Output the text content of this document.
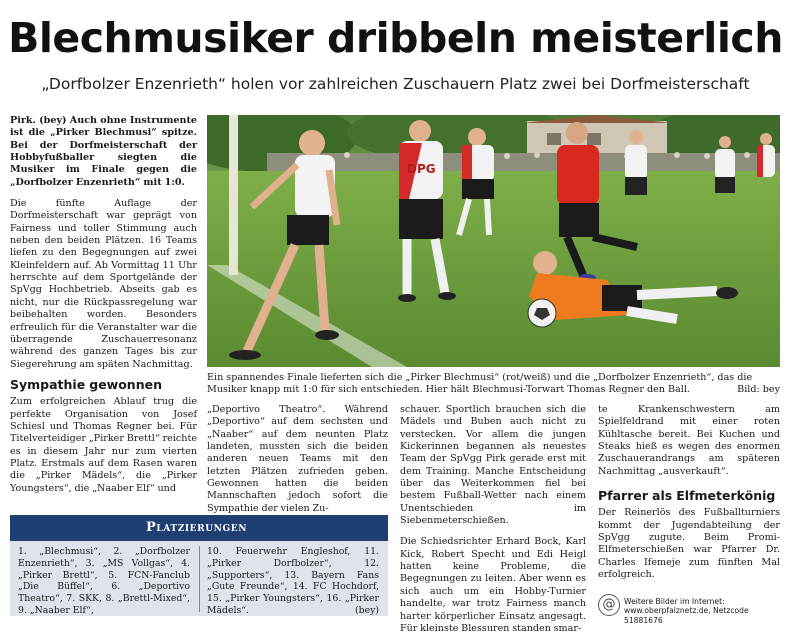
Blechmusiker dribbeln meisterlich
„Dorfbolzer Enzenrieth“ holen vor zahlreichen Zuschauern Platz zwei bei Dorfmeisterschaft

Pirk. (bey) Auch ohne Instrumente ist die „Pirker Blechmusi“ spitze. Bei der Dorfmeisterschaft der Hobbyfußballer siegten die Musiker im Finale gegen die „Dorfbolzer Enzenrieth“ mit 1:0.

Die fünfte Auflage der Dorfmeisterschaft war geprägt von Fairness und toller Stimmung auch neben den beiden Plätzen. 16 Teams liefen zu den Begegnungen auf zwei Kleinfeldern auf. Ab Vormittag 11 Uhr herrschte auf dem Sportgelände der SpVgg Hochbetrieb. Abseits gab es nicht, nur die Rückpassregelung war beibehalten worden. Besonders erfreulich für die Veranstalter war die überragende Zuschauerresonanz während des ganzen Tages bis zur Siegerehrung am späten Nachmittag.

Sympathie gewonnen

Zum erfolgreichen Ablauf trug die perfekte Organisation von Josef Schiesl und Thomas Regner bei. Für Titelverteidiger „Pirker Brettl“ reichte es in diesem Jahr nur zum vierten Platz. Erstmals auf dem Rasen waren die „Pirker Mädels“, die „Pirker Youngsters“, die „Naaber Elf“ und

DPG
Ein spannendes Finale lieferten sich die „Pirker Blechmusi“ (rot/weiß) und die „Dorfbolzer Enzenrieth“, das die Musiker knapp mit 1:0 für sich entschieden. Hier hält Blechmusi-Torwart Thomas Regner den Ball.	Bild: bey

„Deportivo Theatro“. Während „Deportivo“ auf dem sechsten und „Naaber“ auf dem neunten Platz landeten, mussten sich die beiden anderen neuen Teams mit den letzten Plätzen zufrieden geben. Gewonnen hatten die beiden Mannschaften jedoch sofort die Sympathie der vielen Zu-

schauer. Sportlich brauchen sich die Mädels und Buben auch nicht zu verstecken. Vor allem die jungen Kickerinnen begannen als neuestes Team der SpVgg Pirk gerade erst mit dem Training. Manche Entscheidung über das Weiterkommen fiel bei bestem Fußball-Wetter nach einem Unentschieden im Siebenmeterschießen.

Die Schiedsrichter Erhard Bock, Karl Kick, Robert Specht und Edi Heigl hatten keine Probleme, die Begegnungen zu leiten. Aber wenn es sich auch um ein Hobby-Turnier handelte, war trotz Fairness manch harter körperlicher Einsatz angesagt. Für kleinste Blessuren standen smar-

te Krankenschwestern am Spielfeldrand mit einer roten Kühltasche bereit. Bei Kuchen und Steaks hieß es wegen des enormen Zuschauerandrangs am späteren Nachmittag „ausverkauft“.

Pfarrer als Elfmeterkönig

Der Reinerlös des Fußballturniers kommt der Jugendabteilung der SpVgg zugute. Beim Promi-Elfmeterschießen war Pfarrer Dr. Charles Ifemeje zum fünften Mal erfolgreich.

Platzierungen
1. „Blechmusi“, 2. „Dorfbolzer Enzenrieth“, 3. „MS Vollgas“, 4. „Pirker Brettl“, 5. FCN-Fanclub „Die Büffel“, 6. „Deportivo Theatro“, 7. SKK, 8. „Brettl-Mixed“, 9. „Naaber Elf“,
10. Feuerwehr Engleshof, 11. „Pirker Dorfbolzer“, 12. „Supporters“, 13. Bayern Fans „Gute Freunde“, 14. FC Hochdorf, 15. „Pirker Youngsters“, 16. „Pirker Mädels“.	(bey)	@	Weitere Bilder im Internet:
www.oberpfalznetz.de, Netzcode 51881676
